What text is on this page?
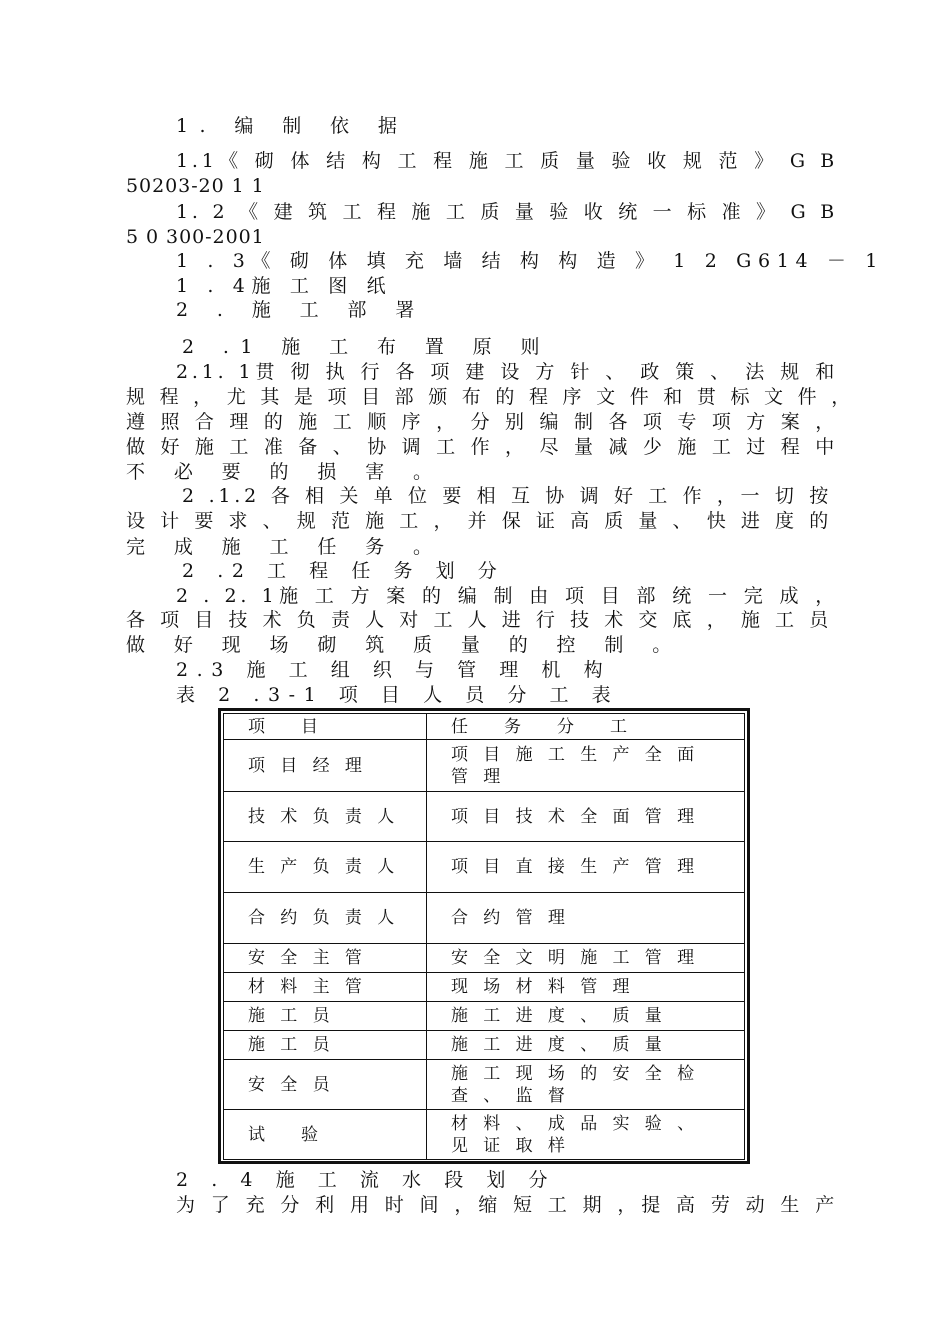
1. 编 制 依 据
1.1《 砌 体 结 构 工 程 施 工 质 量 验 收 规 范 》 G B
50203-20 1 1
1. 2 《 建 筑 工 程 施 工 质 量 验 收 统 一 标 准 》 G B
5 0 300-2001
1 . 3《 砌 体 填 充 墙 结 构 构 造 》 1 2 G614 － 1
1 . 4施 工 图 纸
2 . 施 工 部 署
2 .1 施 工 布 置 原 则
2.1. 1贯 彻 执 行 各 项 建 设 方 针 、 政 策 、 法 规 和
规 程 ， 尤 其 是 项 目 部 颁 布 的 程 序 文 件 和 贯 标 文 件 ，
遵 照 合 理 的 施 工 顺 序 ， 分 别 编 制 各 项 专 项 方 案 ，
做 好 施 工 准 备 、 协 调 工 作 ， 尽 量 减 少 施 工 过 程 中
不 必 要 的 损 害 。
2 .1.2 各 相 关 单 位 要 相 互 协 调 好 工 作 ，一 切 按
设 计 要 求 、 规 范 施 工 ， 并 保 证 高 质 量 、 快 进 度 的
完 成 施 工 任 务 。
2 .2 工 程 任 务 划 分
2 . 2. 1施 工 方 案 的 编 制 由 项 目 部 统 一 完 成 ，
各 项 目 技 术 负 责 人 对 工 人 进 行 技 术 交 底 ， 施 工 员
做 好 现 场 砌 筑 质 量 的 控 制 。
2.3 施 工 组 织 与 管 理 机 构
表 2 .3-1 项 目 人 员 分 工 表
项 目	任 务 分 工
项目经理	项目施工生产全面管理
技术负责人	项目技术全面管理
生产负责人	项目直接生产管理
合约负责人	合约管理
安全主管	安全文明施工管理
材料主管	现场材料管理
施工员	施工进度、质量
施工员	施工进度、质量
安全员	施工现场的安全检查、监督
试 验	材料、成品实验、见证取样
2 . 4 施 工 流 水 段 划 分
为 了 充 分 利 用 时 间 ，缩 短 工 期 ，提 高 劳 动 生 产
